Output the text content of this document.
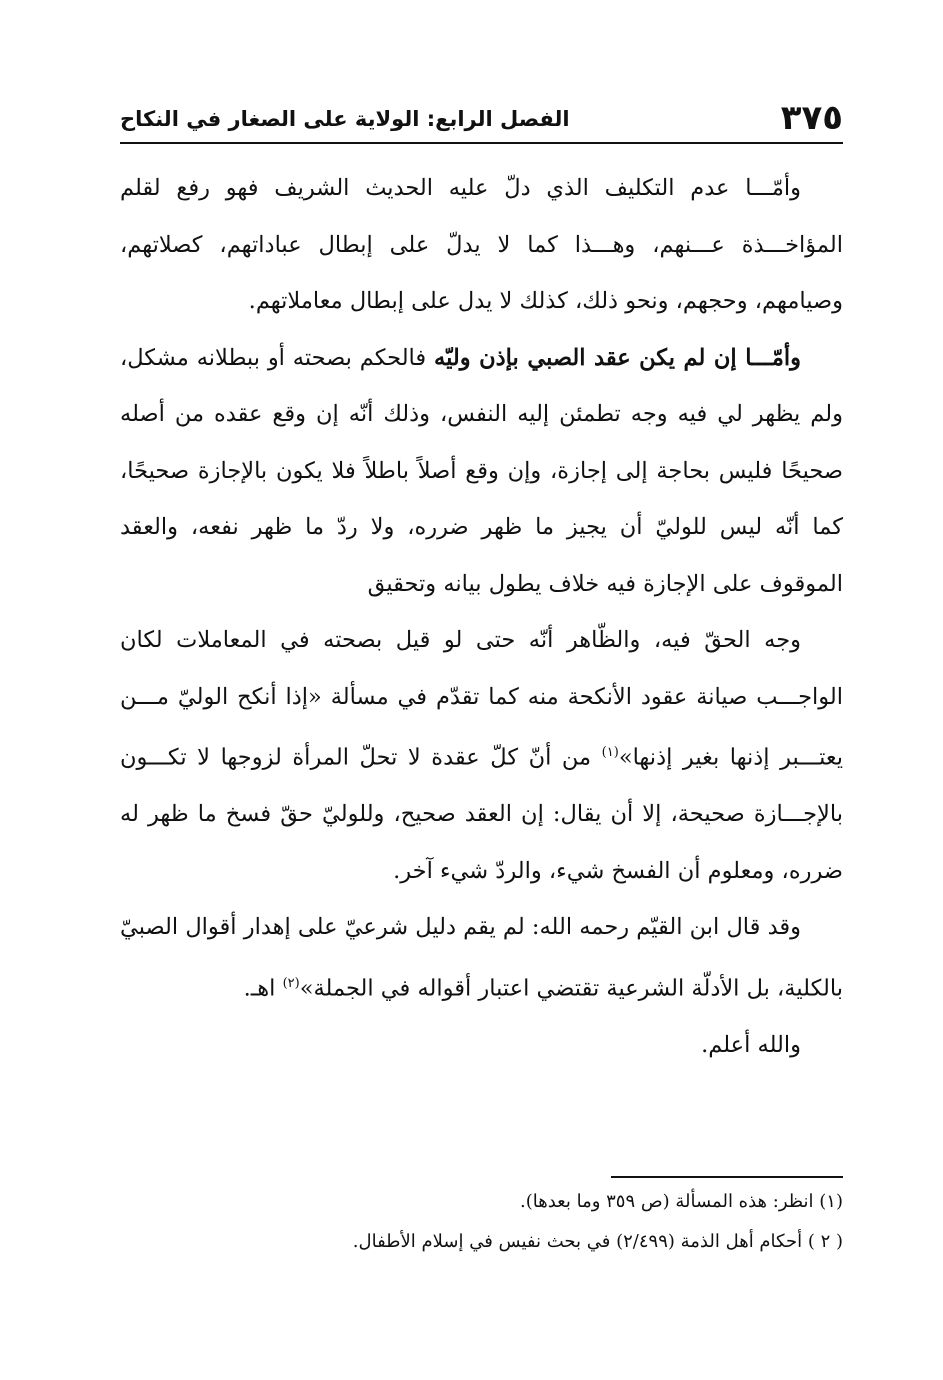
٣٧٥
الفصل الرابع: الولاية على الصغار في النكاح

وأمّـــا عدم التكليف الذي دلّ عليه الحديث الشريف فهو رفع لقلم المؤاخـــذة عـــنهم، وهـــذا كما لا يدلّ على إبطال عباداتهم، كصلاتهم، وصيامهم، وحجهم، ونحو ذلك، كذلك لا يدل على إبطال معاملاتهم.

وأمّـــا إن لم يكن عقد الصبي بإذن وليّه فالحكم بصحته أو ببطلانه مشكل، ولم يظهر لي فيه وجه تطمئن إليه النفس، وذلك أنّه إن وقع عقده من أصله صحيحًا فليس بحاجة إلى إجازة، وإن وقع أصلاً باطلاً فلا يكون بالإجازة صحيحًا، كما أنّه ليس للوليّ أن يجيز ما ظهر ضرره، ولا ردّ ما ظهر نفعه، والعقد الموقوف على الإجازة فيه خلاف يطول بيانه وتحقيق

وجه الحقّ فيه، والظّاهر أنّه حتى لو قيل بصحته في المعاملات لكان الواجـــب صيانة عقود الأنكحة منه كما تقدّم في مسألة «إذا أنكح الوليّ مـــن يعتـــبر إذنها بغير إذنها»$^{(١)}$ من أنّ كلّ عقدة لا تحلّ المرأة لزوجها لا تكـــون بالإجـــازة صحيحة، إلا أن يقال: إن العقد صحيح، وللوليّ حقّ فسخ ما ظهر له ضرره، ومعلوم أن الفسخ شيء، والردّ شيء آخر.

وقد قال ابن القيّم رحمه الله: لم يقم دليل شرعيّ على إهدار أقوال الصبيّ بالكلية، بل الأدلّة الشرعية تقتضي اعتبار أقواله في الجملة»$^{(٢)}$ اهـ.

والله أعلم.

(١) انظر: هذه المسألة (ص ٣٥٩ وما بعدها).

( ٢ ) أحكام أهل الذمة (٢/٤٩٩) في بحث نفيس في إسلام الأطفال.
